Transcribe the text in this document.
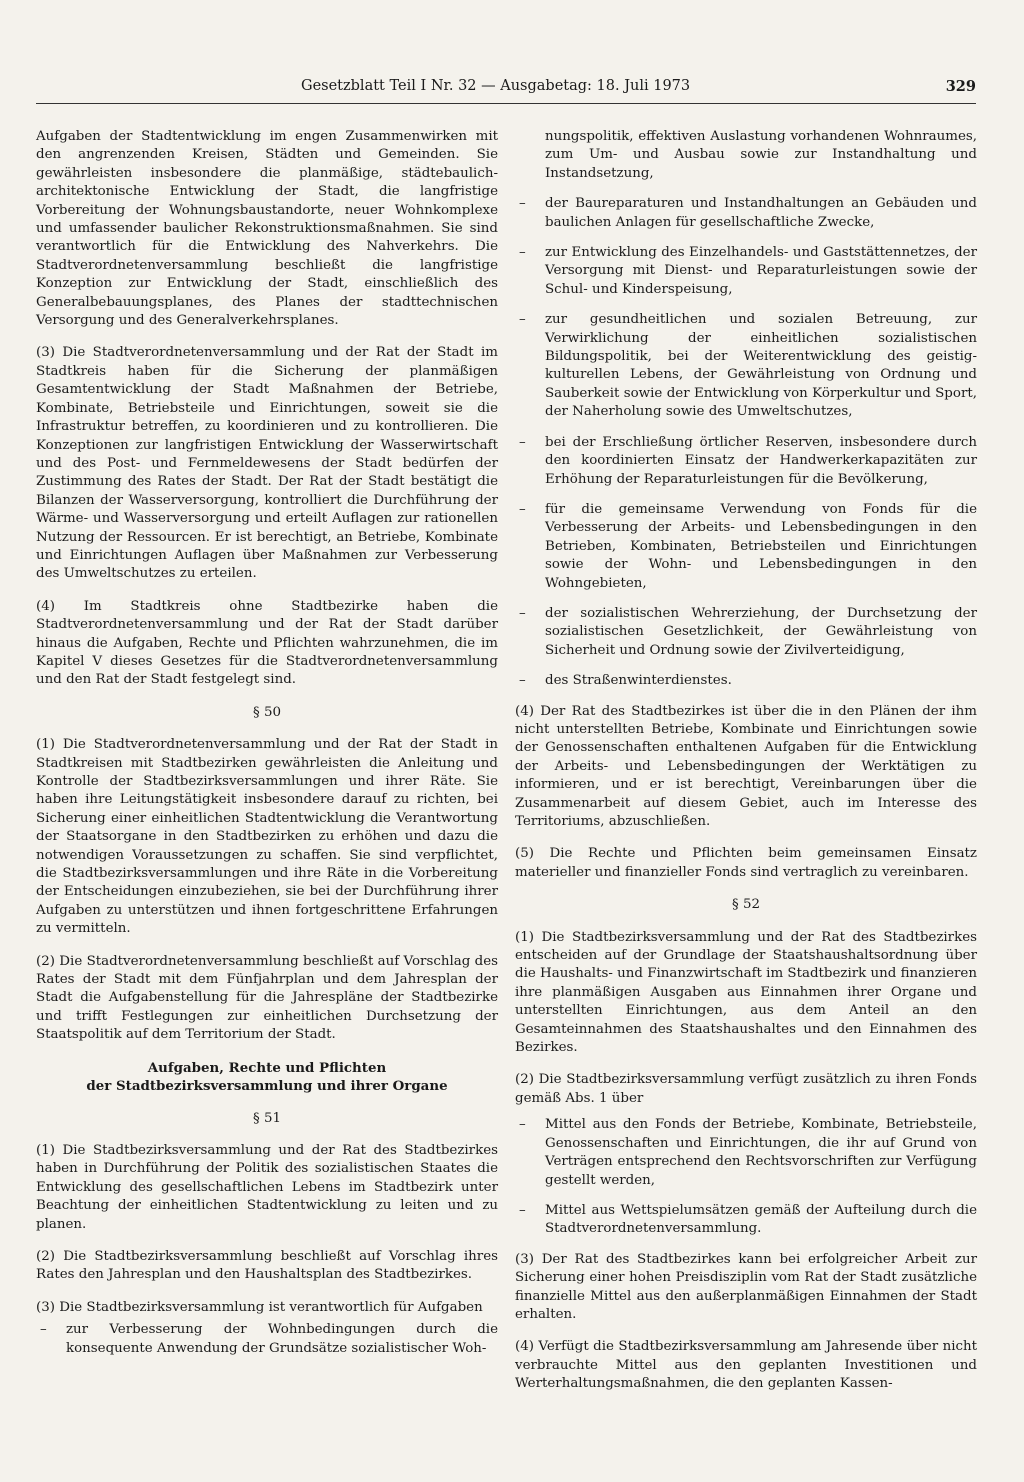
Gesetzblatt Teil I Nr. 32 — Ausgabetag: 18. Juli 1973	329

Aufgaben der Stadtentwicklung im engen Zusammenwirken mit den angrenzenden Kreisen, Städten und Gemeinden. Sie gewährleisten insbesondere die planmäßige, städtebaulich-architektonische Entwicklung der Stadt, die langfristige Vorbereitung der Wohnungsbaustandorte, neuer Wohnkomplexe und umfassender baulicher Rekonstruktionsmaßnahmen. Sie sind verantwortlich für die Entwicklung des Nahverkehrs. Die Stadtverordnetenversammlung beschließt die langfristige Konzeption zur Entwicklung der Stadt, einschließlich des Generalbebauungsplanes, des Planes der stadttechnischen Versorgung und des Generalverkehrsplanes.

(3) Die Stadtverordnetenversammlung und der Rat der Stadt im Stadtkreis haben für die Sicherung der planmäßigen Gesamtentwicklung der Stadt Maßnahmen der Betriebe, Kombinate, Betriebsteile und Einrichtungen, soweit sie die Infrastruktur betreffen, zu koordinieren und zu kontrollieren. Die Konzeptionen zur langfristigen Entwicklung der Wasserwirtschaft und des Post- und Fernmeldewesens der Stadt bedürfen der Zustimmung des Rates der Stadt. Der Rat der Stadt bestätigt die Bilanzen der Wasserversorgung, kontrolliert die Durchführung der Wärme- und Wasserversorgung und erteilt Auflagen zur rationellen Nutzung der Ressourcen. Er ist berechtigt, an Betriebe, Kombinate und Einrichtungen Auflagen über Maßnahmen zur Verbesserung des Umweltschutzes zu erteilen.

(4) Im Stadtkreis ohne Stadtbezirke haben die Stadtverordnetenversammlung und der Rat der Stadt darüber hinaus die Aufgaben, Rechte und Pflichten wahrzunehmen, die im Kapitel V dieses Gesetzes für die Stadtverordnetenversammlung und den Rat der Stadt festgelegt sind.

§ 50

(1) Die Stadtverordnetenversammlung und der Rat der Stadt in Stadtkreisen mit Stadtbezirken gewährleisten die Anleitung und Kontrolle der Stadtbezirksversammlungen und ihrer Räte. Sie haben ihre Leitungstätigkeit insbesondere darauf zu richten, bei Sicherung einer einheitlichen Stadtentwicklung die Verantwortung der Staatsorgane in den Stadtbezirken zu erhöhen und dazu die notwendigen Voraussetzungen zu schaffen. Sie sind verpflichtet, die Stadtbezirksversammlungen und ihre Räte in die Vorbereitung der Entscheidungen einzubeziehen, sie bei der Durchführung ihrer Aufgaben zu unterstützen und ihnen fortgeschrittene Erfahrungen zu vermitteln.

(2) Die Stadtverordnetenversammlung beschließt auf Vorschlag des Rates der Stadt mit dem Fünfjahrplan und dem Jahresplan der Stadt die Aufgabenstellung für die Jahrespläne der Stadtbezirke und trifft Festlegungen zur einheitlichen Durchsetzung der Staatspolitik auf dem Territorium der Stadt.

Aufgaben, Rechte und Pflichten
der Stadtbezirksversammlung und ihrer Organe
§ 51

(1) Die Stadtbezirksversammlung und der Rat des Stadtbezirkes haben in Durchführung der Politik des sozialistischen Staates die Entwicklung des gesellschaftlichen Lebens im Stadtbezirk unter Beachtung der einheitlichen Stadtentwicklung zu leiten und zu planen.

(2) Die Stadtbezirksversammlung beschließt auf Vorschlag ihres Rates den Jahresplan und den Haushaltsplan des Stadtbezirkes.

(3) Die Stadtbezirksversammlung ist verantwortlich für Aufgaben

– zur Verbesserung der Wohnbedingungen durch die konsequente Anwendung der Grundsätze sozialistischer Woh-

nungspolitik, effektiven Auslastung vorhandenen Wohnraumes, zum Um- und Ausbau sowie zur Instandhaltung und Instandsetzung,

– der Baureparaturen und Instandhaltungen an Gebäuden und baulichen Anlagen für gesellschaftliche Zwecke,
– zur Entwicklung des Einzelhandels- und Gaststättennetzes, der Versorgung mit Dienst- und Reparaturleistungen sowie der Schul- und Kinderspeisung,
– zur gesundheitlichen und sozialen Betreuung, zur Verwirklichung der einheitlichen sozialistischen Bildungspolitik, bei der Weiterentwicklung des geistig-kulturellen Lebens, der Gewährleistung von Ordnung und Sauberkeit sowie der Entwicklung von Körperkultur und Sport, der Naherholung sowie des Umweltschutzes,
– bei der Erschließung örtlicher Reserven, insbesondere durch den koordinierten Einsatz der Handwerkerkapazitäten zur Erhöhung der Reparaturleistungen für die Bevölkerung,
– für die gemeinsame Verwendung von Fonds für die Verbesserung der Arbeits- und Lebensbedingungen in den Betrieben, Kombinaten, Betriebsteilen und Einrichtungen sowie der Wohn- und Lebensbedingungen in den Wohngebieten,
– der sozialistischen Wehrerziehung, der Durchsetzung der sozialistischen Gesetzlichkeit, der Gewährleistung von Sicherheit und Ordnung sowie der Zivilverteidigung,
– des Straßenwinterdienstes.

(4) Der Rat des Stadtbezirkes ist über die in den Plänen der ihm nicht unterstellten Betriebe, Kombinate und Einrichtungen sowie der Genossenschaften enthaltenen Aufgaben für die Entwicklung der Arbeits- und Lebensbedingungen der Werktätigen zu informieren, und er ist berechtigt, Vereinbarungen über die Zusammenarbeit auf diesem Gebiet, auch im Interesse des Territoriums, abzuschließen.

(5) Die Rechte und Pflichten beim gemeinsamen Einsatz materieller und finanzieller Fonds sind vertraglich zu vereinbaren.

§ 52

(1) Die Stadtbezirksversammlung und der Rat des Stadtbezirkes entscheiden auf der Grundlage der Staatshaushaltsordnung über die Haushalts- und Finanzwirtschaft im Stadtbezirk und finanzieren ihre planmäßigen Ausgaben aus Einnahmen ihrer Organe und unterstellten Einrichtungen, aus dem Anteil an den Gesamteinnahmen des Staatshaushaltes und den Einnahmen des Bezirkes.

(2) Die Stadtbezirksversammlung verfügt zusätzlich zu ihren Fonds gemäß Abs. 1 über

– Mittel aus den Fonds der Betriebe, Kombinate, Betriebsteile, Genossenschaften und Einrichtungen, die ihr auf Grund von Verträgen entsprechend den Rechtsvorschriften zur Verfügung gestellt werden,
– Mittel aus Wettspielumsätzen gemäß der Aufteilung durch die Stadtverordnetenversammlung.

(3) Der Rat des Stadtbezirkes kann bei erfolgreicher Arbeit zur Sicherung einer hohen Preisdisziplin vom Rat der Stadt zusätzliche finanzielle Mittel aus den außerplanmäßigen Einnahmen der Stadt erhalten.

(4) Verfügt die Stadtbezirksversammlung am Jahresende über nicht verbrauchte Mittel aus den geplanten Investitionen und Werterhaltungsmaßnahmen, die den geplanten Kassen-
